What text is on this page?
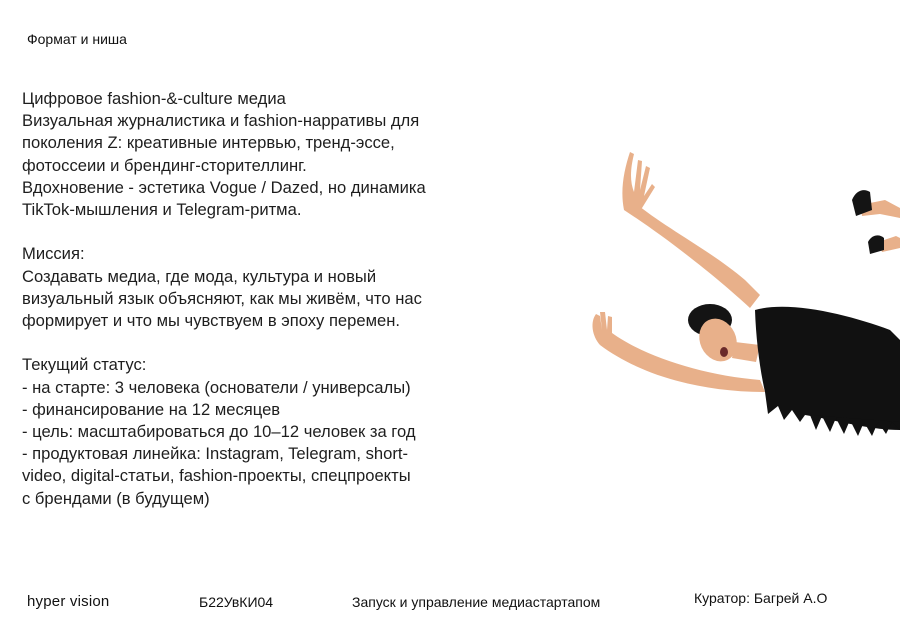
Формат и ниша
Цифровое fashion-&-culture медиа
Визуальная журналистика и fashion-нарративы для
поколения Z: креативные интервью, тренд-эссе,
фотоссеии и брендинг-сторителлинг.
Вдохновение - эстетика Vogue / Dazed, но динамика
TikTok-мышления и Telegram-ритма.
Миссия:
Создавать медиа, где мода, культура и новый
визуальный язык объясняют, как мы живём, что нас
формирует и что мы чувствуем в эпоху перемен.
Текущий статус:
- на старте: 3 человека (основатели / универсалы)
- финансирование на 12 месяцев
- цель: масштабироваться до 10–12 человек за год
- продуктовая линейка: Instagram, Telegram, short-
video, digital-статьи, fashion-проекты, спецпроекты
с брендами (в будущем)
hyper vision	Б22УвКИ04	Запуск и управление медиастартапом	Куратор: Багрей А.О
